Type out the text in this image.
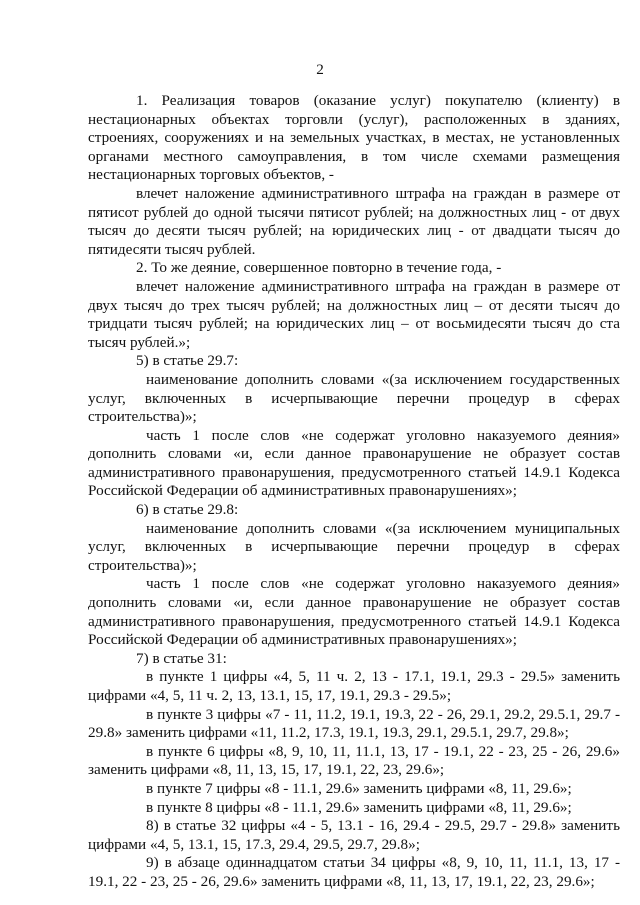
2

1. Реализация товаров (оказание услуг) покупателю (клиенту) в нестационарных объектах торговли (услуг), расположенных в зданиях, строениях, сооружениях и на земельных участках, в местах, не установленных органами местного самоуправления, в том числе схемами размещения нестационарных торговых объектов, -

влечет наложение административного штрафа на граждан в размере от пятисот рублей до одной тысячи пятисот рублей; на должностных лиц - от двух тысяч до десяти тысяч рублей; на юридических лиц - от двадцати тысяч до пятидесяти тысяч рублей.

2. То же деяние, совершенное повторно в течение года, -

влечет наложение административного штрафа на граждан в размере от двух тысяч до трех тысяч рублей; на должностных лиц – от десяти тысяч до тридцати тысяч рублей; на юридических лиц – от восьмидесяти тысяч до ста тысяч рублей.»;

5) в статье 29.7:

наименование дополнить словами «(за исключением государственных услуг, включенных в исчерпывающие перечни процедур в сферах строительства)»;

часть 1 после слов «не содержат уголовно наказуемого деяния» дополнить словами «и, если данное правонарушение не образует состав административного правонарушения, предусмотренного статьей 14.9.1 Кодекса Российской Федерации об административных правонарушениях»;

6) в статье 29.8:

наименование дополнить словами «(за исключением муниципальных услуг, включенных в исчерпывающие перечни процедур в сферах строительства)»;

часть 1 после слов «не содержат уголовно наказуемого деяния» дополнить словами «и, если данное правонарушение не образует состав административного правонарушения, предусмотренного статьей 14.9.1 Кодекса Российской Федерации об административных правонарушениях»;

7) в статье 31:

в пункте 1 цифры «4, 5, 11 ч. 2, 13 - 17.1, 19.1, 29.3 - 29.5» заменить цифрами «4, 5, 11 ч. 2, 13, 13.1, 15, 17, 19.1, 29.3 - 29.5»;

в пункте 3 цифры «7 - 11, 11.2, 19.1, 19.3, 22 - 26, 29.1, 29.2, 29.5.1, 29.7 - 29.8» заменить цифрами «11, 11.2, 17.3, 19.1, 19.3, 29.1, 29.5.1, 29.7, 29.8»;

в пункте 6 цифры «8, 9, 10, 11, 11.1, 13, 17 - 19.1, 22 - 23, 25 - 26, 29.6» заменить цифрами «8, 11, 13, 15, 17, 19.1, 22, 23, 29.6»;

в пункте 7 цифры «8 - 11.1, 29.6» заменить цифрами «8, 11, 29.6»;

в пункте 8 цифры «8 - 11.1, 29.6» заменить цифрами «8, 11, 29.6»;

8) в статье 32 цифры «4 - 5, 13.1 - 16, 29.4 - 29.5, 29.7 - 29.8» заменить цифрами «4, 5, 13.1, 15, 17.3, 29.4, 29.5, 29.7, 29.8»;

9) в абзаце одиннадцатом статьи 34 цифры «8, 9, 10, 11, 11.1, 13, 17 - 19.1, 22 - 23, 25 - 26, 29.6» заменить цифрами «8, 11, 13, 17, 19.1, 22, 23, 29.6»;
